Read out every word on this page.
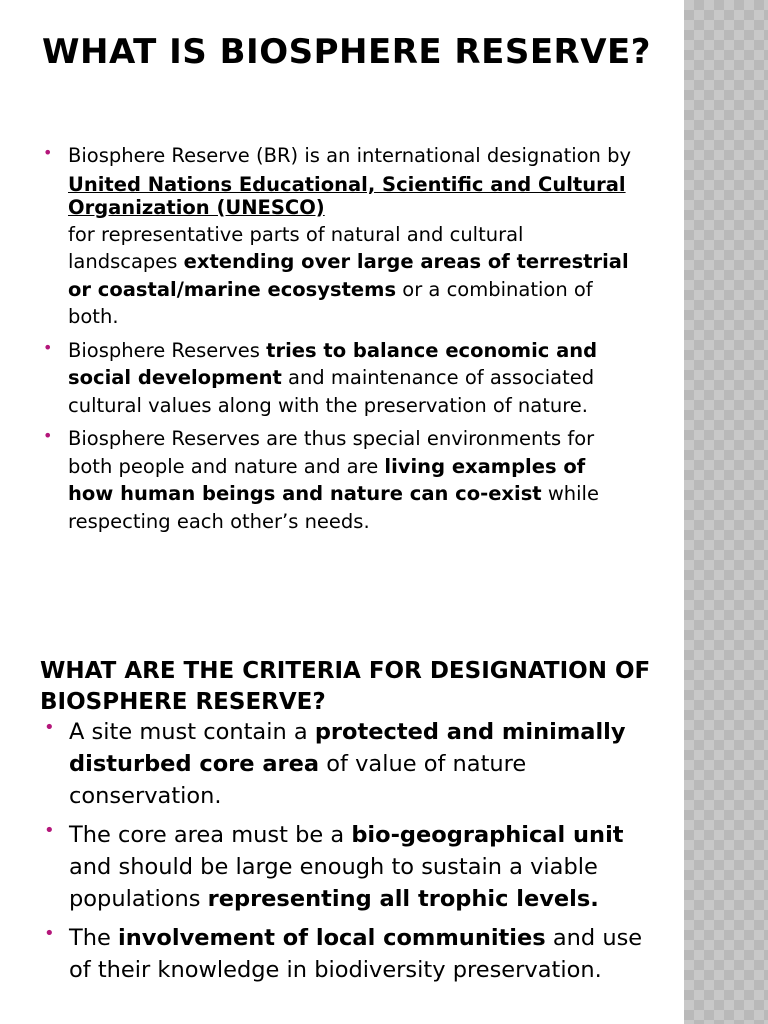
WHAT IS BIOSPHERE RESERVE?
• Biosphere Reserve (BR) is an international designation by
United Nations Educational, Scientific and Cultural Organization (UNESCO)
for representative parts of natural and cultural landscapes extending over large areas of terrestrial or coastal/marine ecosystems or a combination of both.
• Biosphere Reserves tries to balance economic and social development and maintenance of associated cultural values along with the preservation of nature.
• Biosphere Reserves are thus special environments for both people and nature and are living examples of how human beings and nature can co-exist while respecting each other’s needs.
WHAT ARE THE CRITERIA FOR DESIGNATION OF BIOSPHERE RESERVE?
• A site must contain a protected and minimally disturbed core area of value of nature conservation.
• The core area must be a bio-geographical unit and should be large enough to sustain a viable populations representing all trophic levels.
• The involvement of local communities and use of their knowledge in biodiversity preservation.
